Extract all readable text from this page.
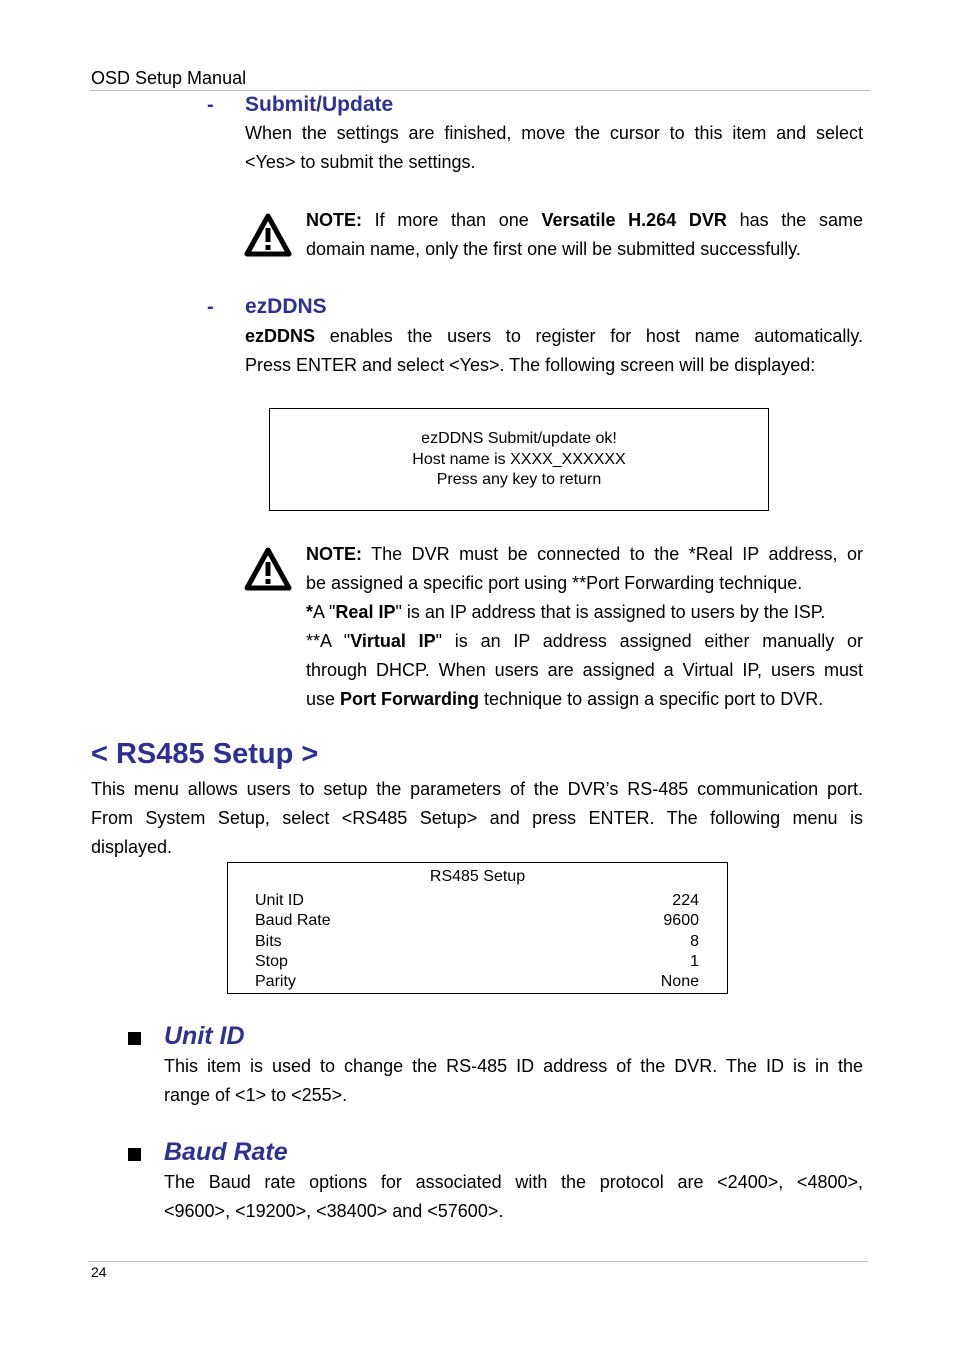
OSD Setup Manual
- Submit/Update
When the settings are finished, move the cursor to this item and select
<Yes> to submit the settings.
NOTE: If more than one Versatile H.264 DVR has the same
domain name, only the first one will be submitted successfully.
- ezDDNS
ezDDNS enables the users to register for host name automatically.
Press ENTER and select <Yes>. The following screen will be displayed:
ezDDNS Submit/update ok!
Host name is XXXX_XXXXXX
Press any key to return
NOTE: The DVR must be connected to the *Real IP address, or
be assigned a specific port using **Port Forwarding technique.
*A "Real IP" is an IP address that is assigned to users by the ISP.
**A "Virtual IP" is an IP address assigned either manually or
through DHCP. When users are assigned a Virtual IP, users must
use Port Forwarding technique to assign a specific port to DVR.
< RS485 Setup >
This menu allows users to setup the parameters of the DVR’s RS-485 communication port.
From System Setup, select <RS485 Setup> and press ENTER. The following menu is
displayed.
RS485 Setup
Unit ID	224
Baud Rate	9600
Bits	8
Stop	1
Parity	None
Unit ID
This item is used to change the RS-485 ID address of the DVR. The ID is in the
range of <1> to <255>.
Baud Rate
The Baud rate options for associated with the protocol are <2400>, <4800>,
<9600>, <19200>, <38400> and <57600>.
24
